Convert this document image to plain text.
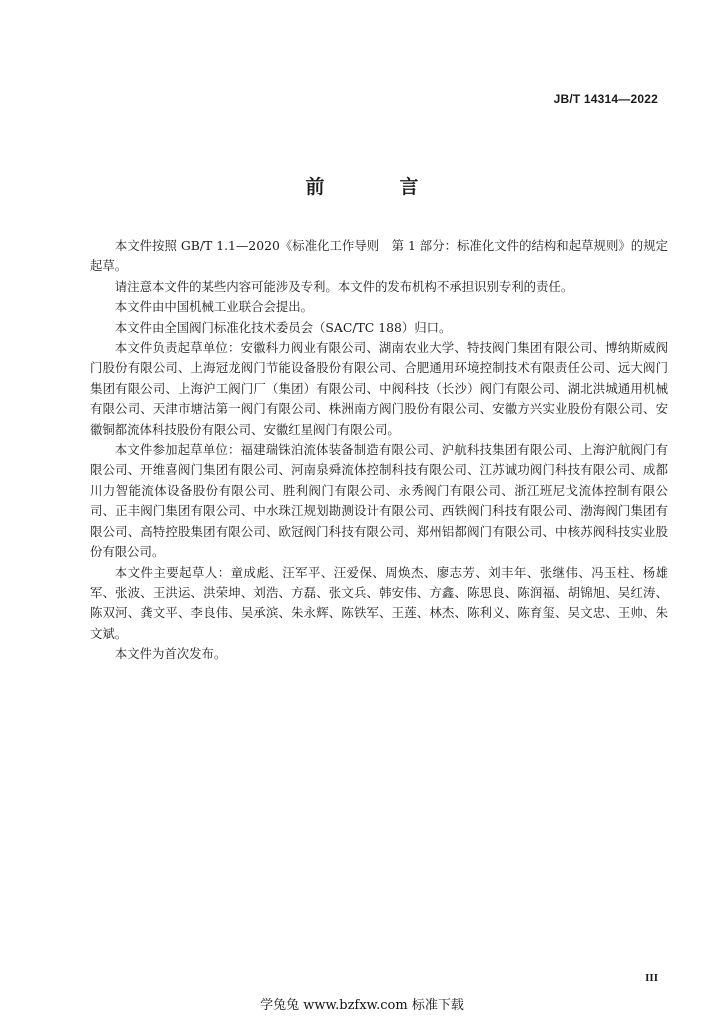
JB/T 14314—2022
前　言

本文件按照 GB/T 1.1—2020《标准化工作导则　第 1 部分：标准化文件的结构和起草规则》的规定起草。

请注意本文件的某些内容可能涉及专利。本文件的发布机构不承担识别专利的责任。

本文件由中国机械工业联合会提出。

本文件由全国阀门标准化技术委员会（SAC/TC 188）归口。

本文件负责起草单位：安徽科力阀业有限公司、湖南农业大学、特技阀门集团有限公司、博纳斯威阀门股份有限公司、上海冠龙阀门节能设备股份有限公司、合肥通用环境控制技术有限责任公司、远大阀门集团有限公司、上海沪工阀门厂（集团）有限公司、中阀科技（长沙）阀门有限公司、湖北洪城通用机械有限公司、天津市塘沽第一阀门有限公司、株洲南方阀门股份有限公司、安徽方兴实业股份有限公司、安徽铜都流体科技股份有限公司、安徽红星阀门有限公司。

本文件参加起草单位：福建瑞铢泊流体装备制造有限公司、沪航科技集团有限公司、上海沪航阀门有限公司、开维喜阀门集团有限公司、河南泉舜流体控制科技有限公司、江苏诚功阀门科技有限公司、成都川力智能流体设备股份有限公司、胜利阀门有限公司、永秀阀门有限公司、浙江班尼戈流体控制有限公司、正丰阀门集团有限公司、中水珠江规划勘测设计有限公司、西铁阀门科技有限公司、渤海阀门集团有限公司、高特控股集团有限公司、欧冠阀门科技有限公司、郑州铝都阀门有限公司、中核苏阀科技实业股份有限公司。

本文件主要起草人：童成彪、汪军平、汪爱保、周焕杰、廖志芳、刘丰年、张继伟、冯玉柱、杨雄军、张波、王洪运、洪荣坤、刘浩、方磊、张文兵、韩安伟、方鑫、陈思良、陈润福、胡锦旭、吴红涛、陈双河、龚文平、李良伟、吴承滨、朱永辉、陈铁军、王莲、林杰、陈利义、陈育玺、吴文忠、王帅、朱文斌。

本文件为首次发布。

III
学兔兔 www.bzfxw.com 标准下载
